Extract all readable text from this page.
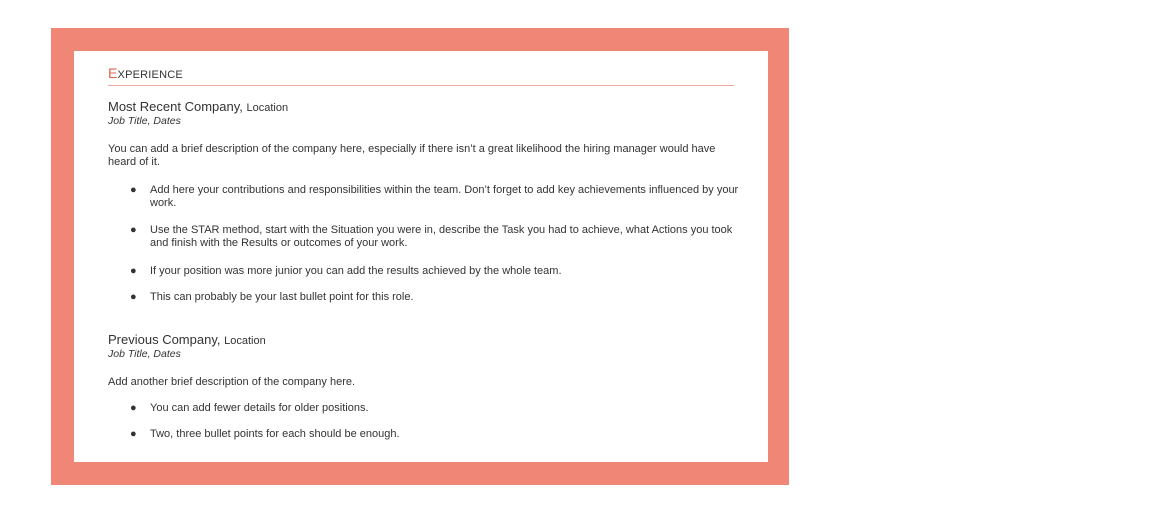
EXPERIENCE
Most Recent Company, Location
Job Title, Dates
You can add a brief description of the company here, especially if there isn’t a great likelihood the hiring manager would have heard of it.
●	Add here your contributions and responsibilities within the team. Don’t forget to add key achievements influenced by your work.
●	Use the STAR method, start with the Situation you were in, describe the Task you had to achieve, what Actions you took and finish with the Results or outcomes of your work.
●	If your position was more junior you can add the results achieved by the whole team.
●	This can probably be your last bullet point for this role.
Previous Company, Location
Job Title, Dates
Add another brief description of the company here.
●	You can add fewer details for older positions.
●	Two, three bullet points for each should be enough.
